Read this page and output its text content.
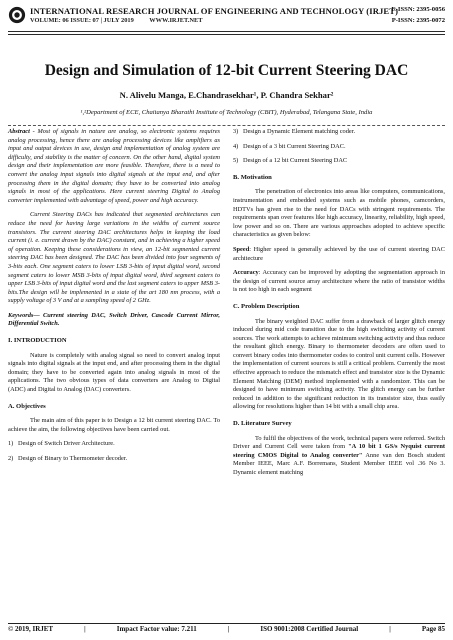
INTERNATIONAL RESEARCH JOURNAL OF ENGINEERING AND TECHNOLOGY (IRJET)
VOLUME: 06 ISSUE: 07 | JULY 2019 WWW.IRJET.NET
E-ISSN: 2395-0056
P-ISSN: 2395-0072
Design and Simulation of 12-bit Current Steering DAC
N. Alivelu Manga, E.Chandrasekhar¹, P. Chandra Sekhar²
¹,²Department of ECE, Chaitanya Bharathi Institute of Technology (CBIT), Hyderabad, Telangana State, India

Abstract - Most of signals in nature are analog, so electronic systems requires analog processing, hence there are analog processing devices like amplifiers as input and output devices in use, design and implementation of analog system are difficulty, and stability is the matter of concern. On the other hand, digital system design and their implementation are more feasible. Therefore, there is a need to convert the analog input signals into digital signals at the input end, and after processing them in the digital domain; they have to be converted into analog signals in most of the applications. Here current steering Digital to Analog converter implemented with advantage of speed, power and high accuracy.

Current Steering DACs has indicated that segmented architectures can reduce the need for having large variations in the widths of current source transistors. The current steering DAC architectures helps in keeping the load current (i. e. current drawn by the DAC) constant, and in achieving a higher speed of operation. Keeping these considerations in view, an 12-bit segmented current steering DAC has been designed. The DAC has been divided into four segments of 3-bits each. One segment caters to lower LSB 3-bits of input digital word, second segment caters to lower MSB 3-bits of input digital word, third segment caters to upper LSB 3-bits of input digital word and the last segment caters to upper MSB 3-bits.The design will be implemented in a state of the art 180 nm process, with a supply voltage of 3 V and at a sampling speed of 2 GHz.

Keywords— Current steering DAC, Switch Driver, Cascode Current Mirror, Differential Switch.

I. INTRODUCTION

Nature is completely with analog signal so need to convert analog input signals into digital signals at the input end, and after processing them in the digital domain; they have to be converted again into analog signals in most of the applications. The two obvious types of data converters are Analog to Digital (ADC) and Digital to Analog (DAC) converters.

A. Objectives

The main aim of this paper is to Design a 12 bit current steering DAC. To achieve the aim, the following objectives have been carried out.

1) Design of Switch Driver Architecture.
2) Design of Binary to Thermometer decoder.
3) Design a Dynamic Element matching coder.
4) Design of a 3 bit Current Steering DAC.
5) Design of a 12 bit Current Steering DAC
B. Motivation

The penetration of electronics into areas like computers, communications, instrumentation and embedded systems such as mobile phones, camcorders, HDTVs has given rise to the need for DACs with stringent requirements. The requirements span over features like high accuracy, linearity, reliability, high speed, low power and so on. There are various approaches adopted to achieve specific characteristics as given below:

Speed: Higher speed is generally achieved by the use of current steering DAC architecture

Accuracy: Accuracy can be improved by adopting the segmentation approach in the design of current source array architecture where the ratio of transistor widths is not too high in each segment

C. Problem Description

The binary weighted DAC suffer from a drawback of larger glitch energy induced during mid code transition due to the high switching activity of current sources. The work attempts to achieve minimum switching activity and thus reduce the resultant glitch energy. Binary to thermometer decoders are often used to convert binary codes into thermometer codes to control unit current cells. However the implementation of current sources is still a critical problem. Currently the most effective approach to reduce the mismatch effect and transistor size is the Dynamic Element Matching (DEM) method implemented with a randomizer. This can be designed to have minimum switching activity. The glitch energy can be further reduced in addition to the significant reduction in its transistor size, thus easily allowing for resolutions higher than 14 bit with a small chip area.

D. Literature Survey

To fulfil the objectives of the work, technical papers were referred. Switch Driver and Current Cell were taken from "A 10 bit 1 GS/s Nyquist current steering CMOS Digital to Analog converter" Anne van den Bosch student Member IEEE, Marc A.F. Borremans, Student Member IEEE vol .36 No 3. Dynamic element matching

© 2019, IRJET	|	Impact Factor value: 7.211	|	ISO 9001:2008 Certified Journal	|	Page 85
